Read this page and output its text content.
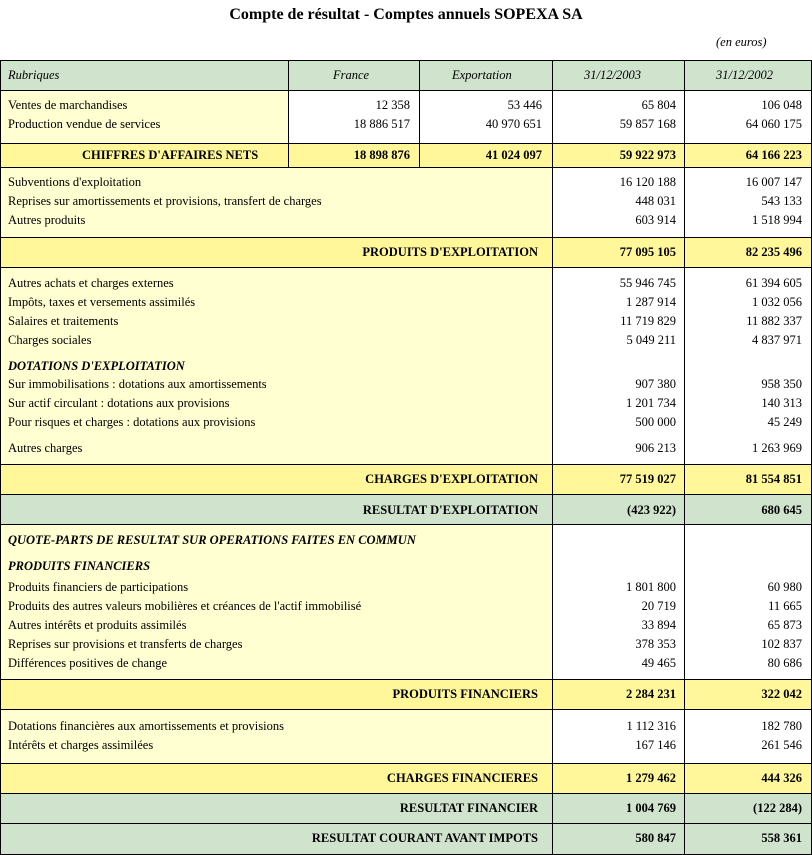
Compte de résultat - Comptes annuels SOPEXA SA
(en euros)
Rubriques	France	Exportation	31/12/2003	31/12/2002
Ventes de marchandises	12 358	53 446	65 804	106 048
Production vendue de services	18 886 517	40 970 651	59 857 168	64 060 175
CHIFFRES D'AFFAIRES NETS	18 898 876	41 024 097	59 922 973	64 166 223
Subventions d'exploitation	16 120 188	16 007 147
Reprises sur amortissements et provisions, transfert de charges	448 031	543 133
Autres produits	603 914	1 518 994
PRODUITS D'EXPLOITATION	77 095 105	82 235 496
Autres achats et charges externes	55 946 745	61 394 605
Impôts, taxes et versements assimilés	1 287 914	1 032 056
Salaires et traitements	11 719 829	11 882 337
Charges sociales	5 049 211	4 837 971
DOTATIONS D'EXPLOITATION
Sur immobilisations : dotations aux amortissements	907 380	958 350
Sur actif circulant : dotations aux provisions	1 201 734	140 313
Pour risques et charges : dotations aux provisions	500 000	45 249
Autres charges	906 213	1 263 969
CHARGES D'EXPLOITATION	77 519 027	81 554 851
RESULTAT D'EXPLOITATION	(423 922)	680 645
QUOTE-PARTS DE RESULTAT SUR OPERATIONS FAITES EN COMMUN
PRODUITS FINANCIERS
Produits financiers de participations	1 801 800	60 980
Produits des autres valeurs mobilières et créances de l'actif immobilisé	20 719	11 665
Autres intérêts et produits assimilés	33 894	65 873
Reprises sur provisions et transferts de charges	378 353	102 837
Différences positives de change	49 465	80 686
PRODUITS FINANCIERS	2 284 231	322 042
Dotations financières aux amortissements et provisions	1 112 316	182 780
Intérêts et charges assimilées	167 146	261 546
CHARGES FINANCIERES	1 279 462	444 326
RESULTAT FINANCIER	1 004 769	(122 284)
RESULTAT COURANT AVANT IMPOTS	580 847	558 361
